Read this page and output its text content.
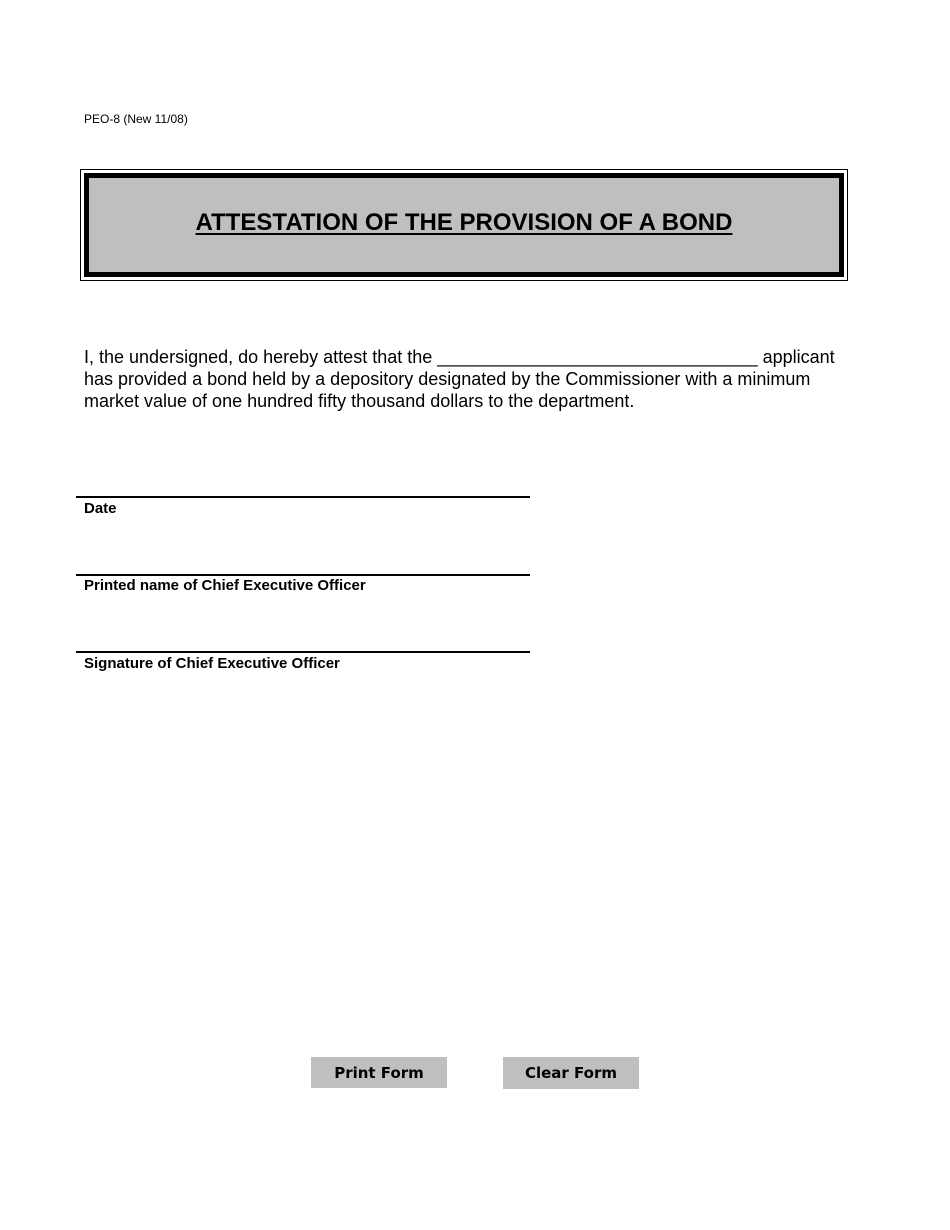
PEO-8 (New 11/08)
ATTESTATION OF THE PROVISION OF A BOND

I, the undersigned, do hereby attest that the ________________________________ applicant has provided a bond held by a depository designated by the Commissioner with a minimum market value of one hundred fifty thousand dollars to the department.

Date
Printed name of Chief Executive Officer
Signature of Chief Executive Officer
Print Form	Clear Form
